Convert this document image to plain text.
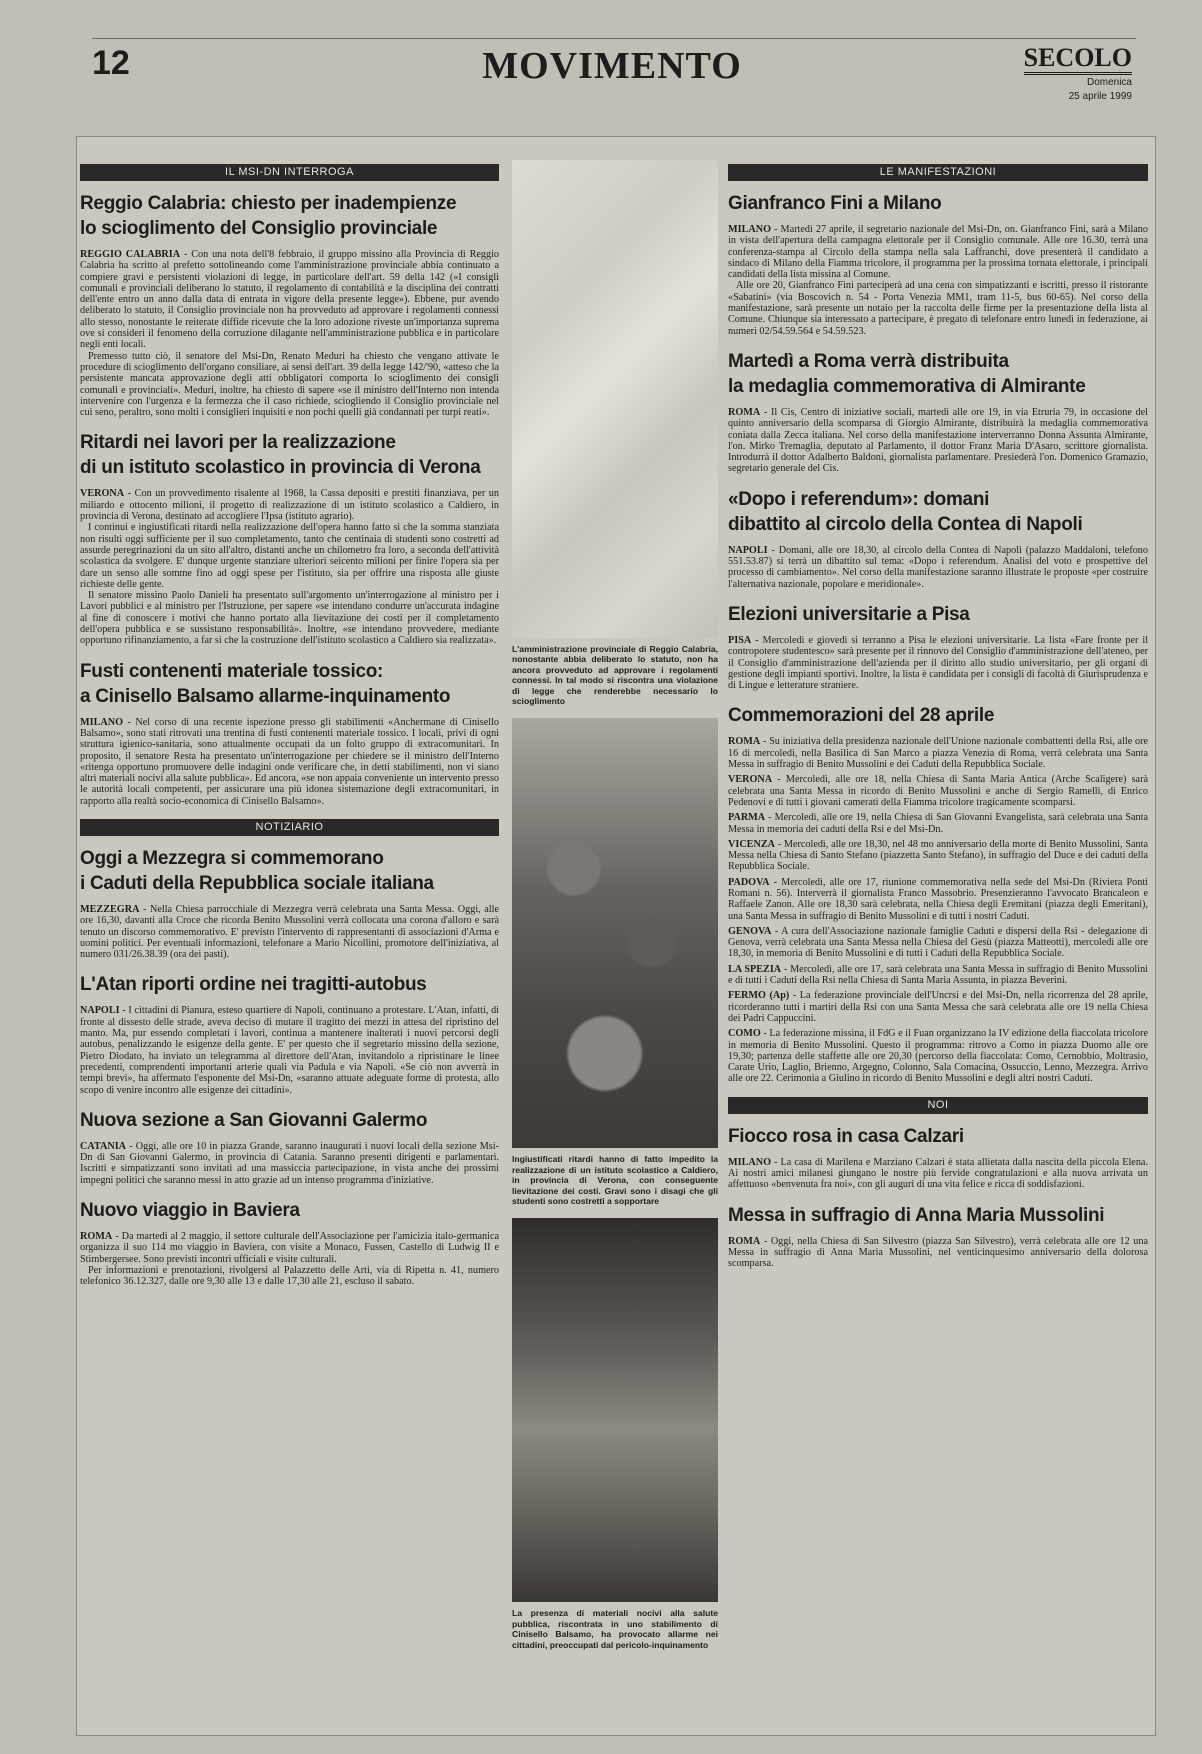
12	MOVIMENTO	SECOLO
Domenica
25 aprile 1999
IL MSI-DN INTERROGA
Reggio Calabria: chiesto per inadempienze
lo scioglimento del Consiglio provinciale

REGGIO CALABRIA - Con una nota dell'8 febbraio, il gruppo missino alla Provincia di Reggio Calabria ha scritto al prefetto sottolineando come l'amministrazione provinciale abbia continuato a compiere gravi e persistenti violazioni di legge, in particolare dell'art. 59 della 142 («I consigli comunali e provinciali deliberano lo statuto, il regolamento di contabilità e la disciplina dei contratti dell'ente entro un anno dalla data di entrata in vigore della presente legge»). Ebbene, pur avendo deliberato lo statuto, il Consiglio provinciale non ha provveduto ad approvare i regolamenti connessi allo stesso, nonostante le reiterate diffide ricevute che la loro adozione riveste un'importanza suprema ove si consideri il fenomeno della corruzione dilagante nell'amministrazione pubblica e in particolare negli enti locali.

Premesso tutto ciò, il senatore del Msi-Dn, Renato Meduri ha chiesto che vengano attivate le procedure di scioglimento dell'organo consiliare, ai sensi dell'art. 39 della legge 142/'90, «atteso che la persistente mancata approvazione degli atti obbligatori comporta lo scioglimento dei consigli comunali e provinciali». Meduri, inoltre, ha chiesto di sapere «se il ministro dell'Interno non intenda intervenire con l'urgenza e la fermezza che il caso richiede, sciogliendo il Consiglio provinciale nel cui seno, peraltro, sono molti i consiglieri inquisiti e non pochi quelli già condannati per turpi reati».

Ritardi nei lavori per la realizzazione
di un istituto scolastico in provincia di Verona

VERONA - Con un provvedimento risalente al 1968, la Cassa depositi e prestiti finanziava, per un miliardo e ottocento milioni, il progetto di realizzazione di un istituto scolastico a Caldiero, in provincia di Verona, destinato ad accogliere l'Ipsa (istituto agrario).

I continui e ingiustificati ritardi nella realizzazione dell'opera hanno fatto sì che la somma stanziata non risulti oggi sufficiente per il suo completamento, tanto che centinaia di studenti sono costretti ad assurde peregrinazioni da un sito all'altro, distanti anche un chilometro fra loro, a seconda dell'attività scolastica da svolgere. E' dunque urgente stanziare ulteriori seicento milioni per finire l'opera sia per dare un senso alle somme fino ad oggi spese per l'istituto, sia per offrire una risposta alle giuste richieste delle gente.

Il senatore missino Paolo Danieli ha presentato sull'argomento un'interrogazione al ministro per i Lavori pubblici e al ministro per l'Istruzione, per sapere «se intendano condurre un'accurata indagine al fine di conoscere i motivi che hanno portato alla lievitazione dei costi per il completamento dell'opera pubblica e se sussistano responsabilità». Inoltre, «se intendano provvedere, mediante opportuno rifinanziamento, a far sì che la costruzione dell'istituto scolastico a Caldiero sia realizzata».

Fusti contenenti materiale tossico:
a Cinisello Balsamo allarme-inquinamento

MILANO - Nel corso di una recente ispezione presso gli stabilimenti «Anchermane di Cinisello Balsamo», sono stati ritrovati una trentina di fusti contenenti materiale tossico. I locali, privi di ogni struttura igienico-sanitaria, sono attualmente occupati da un folto gruppo di extracomunitari. In proposito, il senatore Resta ha presentato un'interrogazione per chiedere se il ministro dell'Interno «ritenga opportuno promuovere delle indagini onde verificare che, in detti stabilimenti, non vi siano altri materiali nocivi alla salute pubblica». Ed ancora, «se non appaia conveniente un intervento presso le autorità locali competenti, per assicurare una più idonea sistemazione degli extracomunitari, in rapporto alla realtà socio-economica di Cinisello Balsamo».

NOTIZIARIO
Oggi a Mezzegra si commemorano
i Caduti della Repubblica sociale italiana

MEZZEGRA - Nella Chiesa parrocchiale di Mezzegra verrà celebrata una Santa Messa. Oggi, alle ore 16,30, davanti alla Croce che ricorda Benito Mussolini verrà collocata una corona d'alloro e sarà tenuto un discorso commemorativo. E' previsto l'intervento di rappresentanti di associazioni d'Arma e uomini politici. Per eventuali informazioni, telefonare a Mario Nicollini, promotore dell'iniziativa, al numero 031/26.38.39 (ora dei pasti).

L'Atan riporti ordine nei tragitti-autobus

NAPOLI - I cittadini di Pianura, esteso quartiere di Napoli, continuano a protestare. L'Atan, infatti, di fronte al dissesto delle strade, aveva deciso di mutare il tragitto dei mezzi in attesa del ripristino del manto. Ma, pur essendo completati i lavori, continua a mantenere inalterati i nuovi percorsi degli autobus, penalizzando le esigenze della gente. E' per questo che il segretario missino della sezione, Pietro Diodato, ha inviato un telegramma al direttore dell'Atan, invitandolo a ripristinare le linee precedenti, comprendenti importanti arterie quali via Padula e via Napoli. «Se ciò non avverrà in tempi brevi», ha affermato l'esponente del Msi-Dn, «saranno attuate adeguate forme di protesta, allo scopo di venire incontro alle esigenze dei cittadini».

Nuova sezione a San Giovanni Galermo

CATANIA - Oggi, alle ore 10 in piazza Grande, saranno inaugurati i nuovi locali della sezione Msi-Dn di San Giovanni Galermo, in provincia di Catania. Saranno presenti dirigenti e parlamentari. Iscritti e simpatizzanti sono invitati ad una massiccia partecipazione, in vista anche dei prossimi impegni politici che saranno messi in atto grazie ad un intenso programma d'iniziative.

Nuovo viaggio in Baviera

ROMA - Da martedì al 2 maggio, il settore culturale dell'Associazione per l'amicizia italo-germanica organizza il suo 114 mo viaggio in Baviera, con visite a Monaco, Fussen, Castello di Ludwig II e Stimbergersee. Sono previsti incontri ufficiali e visite culturali.

Per informazioni e prenotazioni, rivolgersi al Palazzetto delle Arti, via di Ripetta n. 41, numero telefonico 36.12.327, dalle ore 9,30 alle 13 e dalle 17,30 alle 21, escluso il sabato.

L'amministrazione provinciale di Reggio Calabria, nonostante abbia deliberato lo statuto, non ha ancora provveduto ad approvare i regolamenti connessi. In tal modo si riscontra una violazione di legge che renderebbe necessario lo scioglimento
Ingiustificati ritardi hanno di fatto impedito la realizzazione di un istituto scolastico a Caldiero, in provincia di Verona, con conseguente lievitazione dei costi. Gravi sono i disagi che gli studenti sono costretti a sopportare
La presenza di materiali nocivi alla salute pubblica, riscontrata in uno stabilimento di Cinisello Balsamo, ha provocato allarme nei cittadini, preoccupati dal pericolo-inquinamento
LE MANIFESTAZIONI
Gianfranco Fini a Milano

MILANO - Martedì 27 aprile, il segretario nazionale del Msi-Dn, on. Gianfranco Fini, sarà a Milano in vista dell'apertura della campagna elettorale per il Consiglio comunale. Alle ore 16.30, terrà una conferenza-stampa al Circolo della stampa nella sala Laffranchi, dove presenterà il candidato a sindaco di Milano della Fiamma tricolore, il programma per la prossima tornata elettorale, i principali candidati della lista missina al Comune.

Alle ore 20, Gianfranco Fini parteciperà ad una cena con simpatizzanti e iscritti, presso il ristorante «Sabatini» (via Boscovich n. 54 - Porta Venezia MM1, tram 11-5, bus 60-65). Nel corso della manifestazione, sarà presente un notaio per la raccolta delle firme per la presentazione della lista al Comune. Chiunque sia interessato a partecipare, è pregato di telefonare entro lunedì in federazione, ai numeri 02/54.59.564 e 54.59.523.

Martedì a Roma verrà distribuita
la medaglia commemorativa di Almirante

ROMA - Il Cis, Centro di iniziative sociali, martedì alle ore 19, in via Etruria 79, in occasione del quinto anniversario della scomparsa di Giorgio Almirante, distribuirà la medaglia commemorativa coniata dalla Zecca italiana. Nel corso della manifestazione interverranno Donna Assunta Almirante, l'on. Mirko Tremaglia, deputato al Parlamento, il dottor Franz Maria D'Asaro, scrittore giornalista. Introdurrà il dottor Adalberto Baldoni, giornalista parlamentare. Presiederà l'on. Domenico Gramazio, segretario generale del Cis.

«Dopo i referendum»: domani
dibattito al circolo della Contea di Napoli

NAPOLI - Domani, alle ore 18,30, al circolo della Contea di Napoli (palazzo Maddaloni, telefono 551.53.87) si terrà un dibattito sul tema: «Dopo i referendum. Analisi del voto e prospettive del processo di cambiamento». Nel corso della manifestazione saranno illustrate le proposte «per costruire l'alternativa nazionale, popolare e meridionale».

Elezioni universitarie a Pisa

PISA - Mercoledì e giovedì si terranno a Pisa le elezioni universitarie. La lista «Fare fronte per il contropotere studentesco» sarà presente per il rinnovo del Consiglio d'amministrazione dell'ateneo, per il Consiglio d'amministrazione dell'azienda per il diritto allo studio universitario, per gli organi di gestione degli impianti sportivi. Inoltre, la lista è candidata per i consigli di facoltà di Giurisprudenza e di Lingue e letterature straniere.

Commemorazioni del 28 aprile

ROMA - Su iniziativa della presidenza nazionale dell'Unione nazionale combattenti della Rsi, alle ore 16 di mercoledì, nella Basilica di San Marco a piazza Venezia di Roma, verrà celebrata una Santa Messa in suffragio di Benito Mussolini e dei Caduti della Repubblica Sociale.

VERONA - Mercoledì, alle ore 18, nella Chiesa di Santa Maria Antica (Arche Scaligere) sarà celebrata una Santa Messa in ricordo di Benito Mussolini e anche di Sergio Ramelli, di Enrico Pedenovi e di tutti i giovani camerati della Fiamma tricolore tragicamente scomparsi.

PARMA - Mercoledì, alle ore 19, nella Chiesa di San Giovanni Evangelista, sarà celebrata una Santa Messa in memoria dei caduti della Rsi e del Msi-Dn.

VICENZA - Mercoledì, alle ore 18,30, nel 48 mo anniversario della morte di Benito Mussolini, Santa Messa nella Chiesa di Santo Stefano (piazzetta Santo Stefano), in suffragio del Duce e dei caduti della Repubblica Sociale.

PADOVA - Mercoledì, alle ore 17, riunione commemorativa nella sede del Msi-Dn (Riviera Ponti Romani n. 56). Interverrà il giornalista Franco Massobrio. Presenzieranno l'avvocato Brancaleon e Raffaele Zanon. Alle ore 18,30 sarà celebrata, nella Chiesa degli Eremitani (piazza degli Emeritani), una Santa Messa in suffragio di Benito Mussolini e di tutti i nostri Caduti.

GENOVA - A cura dell'Associazione nazionale famiglie Caduti e dispersi della Rsi - delegazione di Genova, verrà celebrata una Santa Messa nella Chiesa del Gesù (piazza Matteotti), mercoledì alle ore 18,30, in memoria di Benito Mussolini e di tutti i Caduti della Repubblica Sociale.

LA SPEZIA - Mercoledì, alle ore 17, sarà celebrata una Santa Messa in suffragio di Benito Mussolini e di tutti i Caduti della Rsi nella Chiesa di Santa Maria Assunta, in piazza Beverini.

FERMO (Ap) - La federazione provinciale dell'Uncrsi e del Msi-Dn, nella ricorrenza del 28 aprile, ricorderanno tutti i martiri della Rsi con una Santa Messa che sarà celebrata alle ore 19 nella Chiesa dei Padri Cappuccini.

COMO - La federazione missina, il FdG e il Fuan organizzano la IV edizione della fiaccolata tricolore in memoria di Benito Mussolini. Questo il programma: ritrovo a Como in piazza Duomo alle ore 19,30; partenza delle staffette alle ore 20,30 (percorso della fiaccolata: Como, Cernobbio, Moltrasio, Carate Urio, Laglio, Brienno, Argegno, Colonno, Sala Comacina, Ossuccio, Lenno, Mezzegra. Arrivo alle ore 22. Cerimonia a Giulino in ricordo di Benito Mussolini e degli altri nostri Caduti.

NOI
Fiocco rosa in casa Calzari

MILANO - La casa di Marilena e Marziano Calzari è stata allietata dalla nascita della piccola Elena. Ai nostri amici milanesi giungano le nostre più fervide congratulazioni e alla nuova arrivata un affettuoso «benvenuta fra noi», con gli auguri di una vita felice e ricca di soddisfazioni.

Messa in suffragio di Anna Maria Mussolini

ROMA - Oggi, nella Chiesa di San Silvestro (piazza San Silvestro), verrà celebrata alle ore 12 una Messa in suffragio di Anna Maria Mussolini, nel venticinquesimo anniversario della dolorosa scomparsa.
